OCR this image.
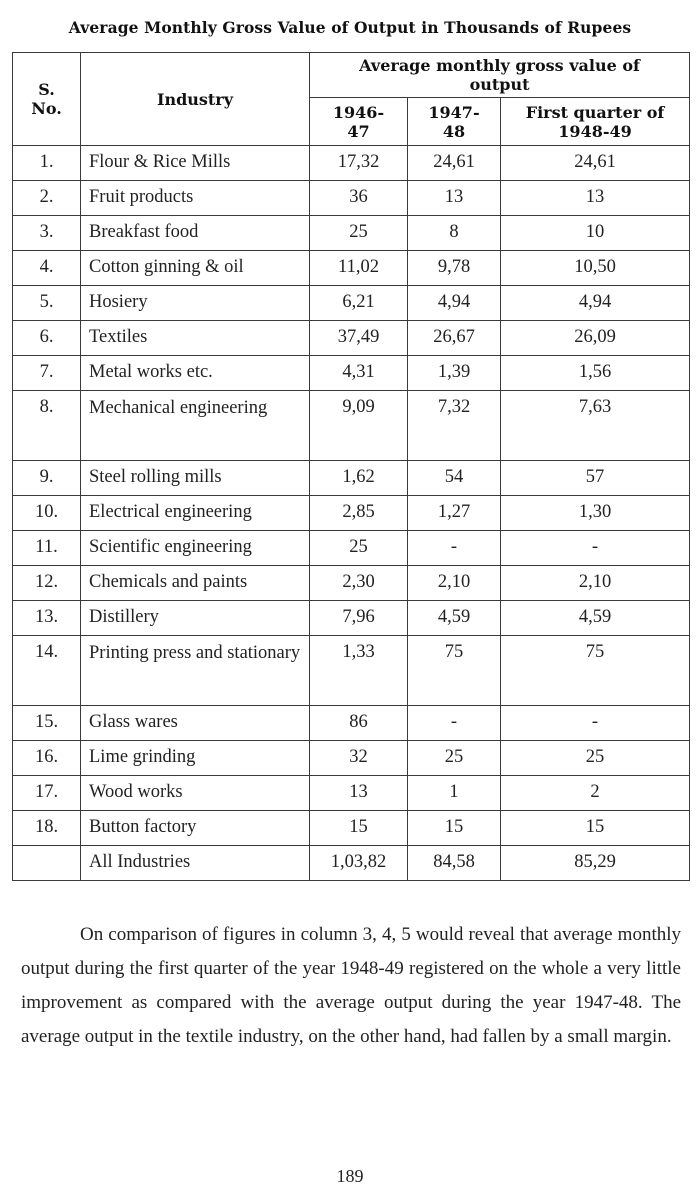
Average Monthly Gross Value of Output in Thousands of Rupees
S. No.	Industry	Average monthly gross value of output		
		1946-47	1947-48	First quarter of 1948-49

1.	Flour & Rice Mills	17,32	24,61	24,61

2.	Fruit products	36	13	13

3.	Breakfast food	25	8	10

4.	Cotton ginning & oil	11,02	9,78	10,50

5.	Hosiery	6,21	4,94	4,94

6.	Textiles	37,49	26,67	26,09

7.	Metal works etc.	4,31	1,39	1,56

8.	Mechanical engineering	9,09	7,32	7,63

9.	Steel rolling mills	1,62	54	57

10.	Electrical engineering	2,85	1,27	1,30

11.	Scientific engineering	25	-	-

12.	Chemicals and paints	2,30	2,10	2,10

13.	Distillery	7,96	4,59	4,59

14.	Printing press and stationary	1,33	75	75

15.	Glass wares	86	-	-

16.	Lime grinding	32	25	25

17.	Wood works	13	1	2

18.	Button factory	15	15	15

	All Industries	1,03,82	84,58	85,29

On comparison of figures in column 3, 4, 5 would reveal that average monthly output during the first quarter of the year 1948-49 registered on the whole a very little improvement as compared with the average output during the year 1947-48. The average output in the textile industry, on the other hand, had fallen by a small margin.

189
